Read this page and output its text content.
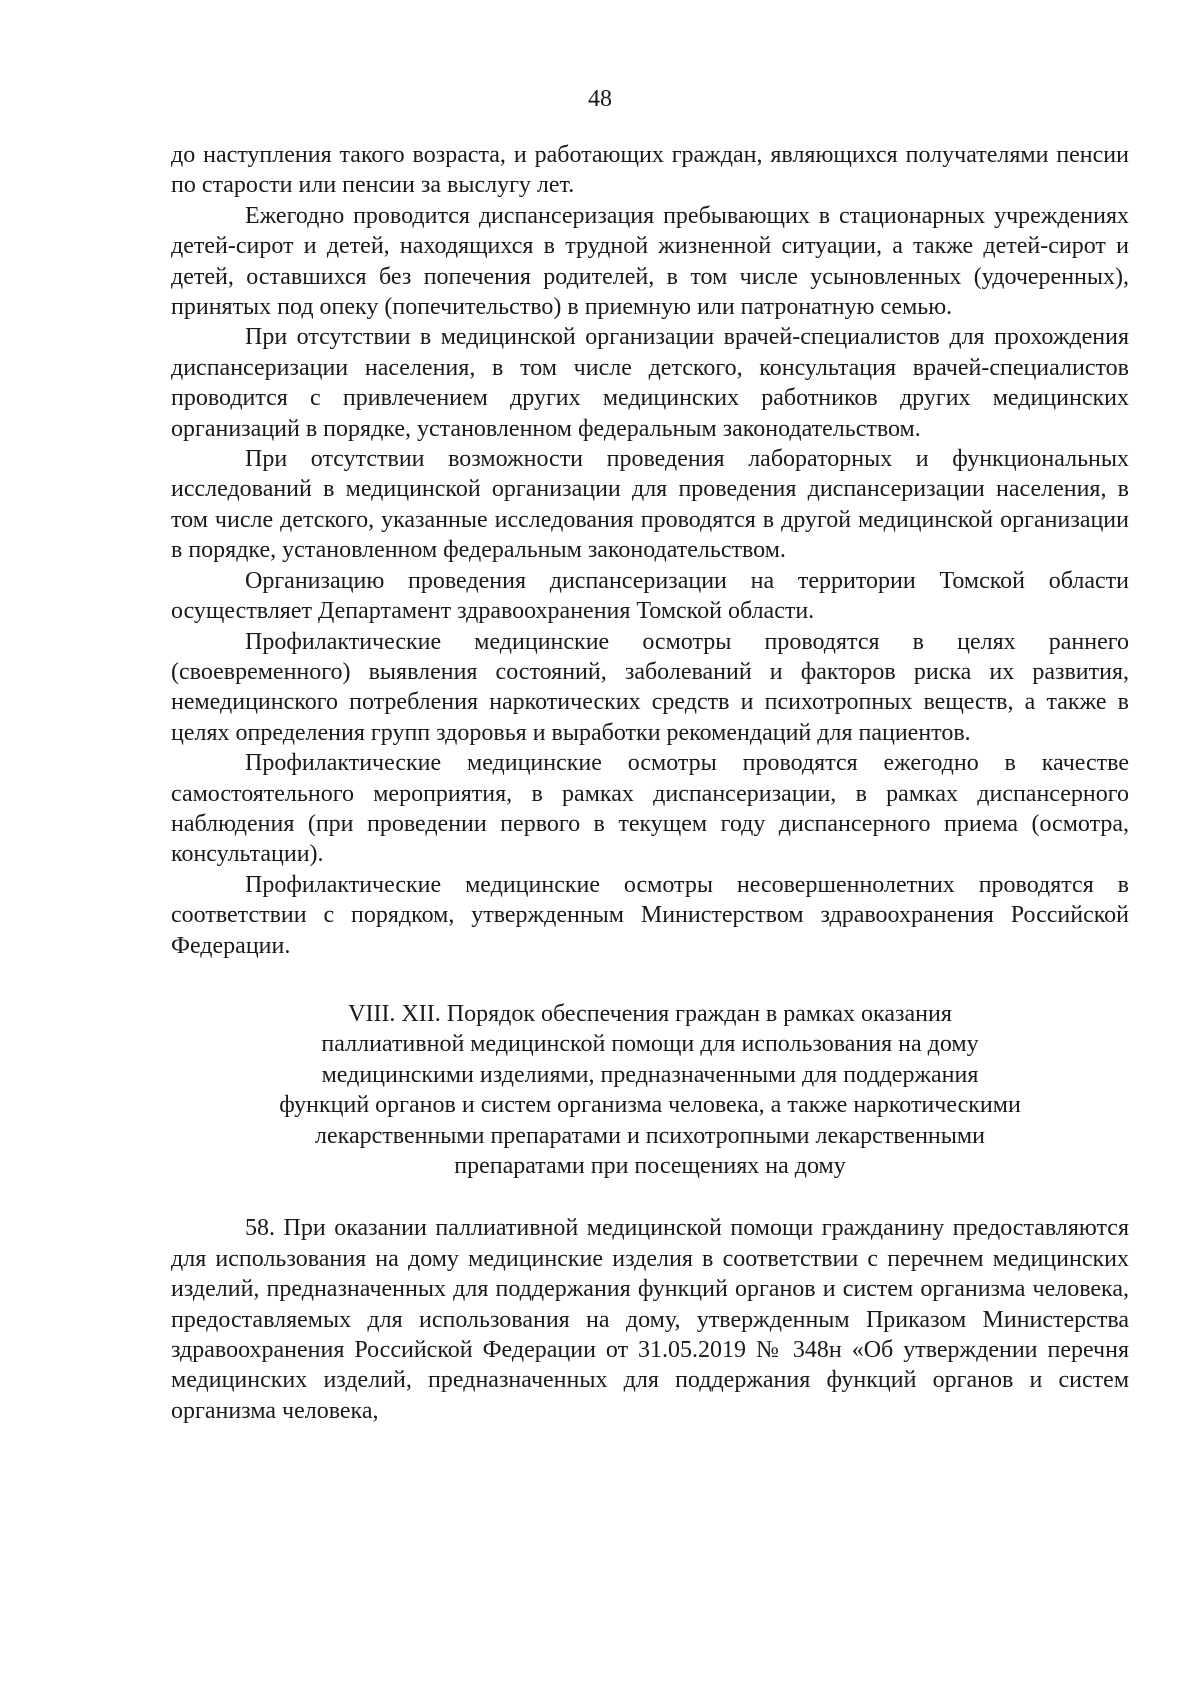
48

до наступления такого возраста, и работающих граждан, являющихся получателями пенсии по старости или пенсии за выслугу лет.

Ежегодно проводится диспансеризация пребывающих в стационарных учреждениях детей-сирот и детей, находящихся в трудной жизненной ситуации, а также детей-сирот и детей, оставшихся без попечения родителей, в том числе усыновленных (удочеренных), принятых под опеку (попечительство) в приемную или патронатную семью.

При отсутствии в медицинской организации врачей-специалистов для прохождения диспансеризации населения, в том числе детского, консультация врачей-специалистов проводится с привлечением других медицинских работников других медицинских организаций в порядке, установленном федеральным законодательством.

При отсутствии возможности проведения лабораторных и функциональных исследований в медицинской организации для проведения диспансеризации населения, в том числе детского, указанные исследования проводятся в другой медицинской организации в порядке, установленном федеральным законодательством.

Организацию проведения диспансеризации на территории Томской области осуществляет Департамент здравоохранения Томской области.

Профилактические медицинские осмотры проводятся в целях раннего (своевременного) выявления состояний, заболеваний и факторов риска их развития, немедицинского потребления наркотических средств и психотропных веществ, а также в целях определения групп здоровья и выработки рекомендаций для пациентов.

Профилактические медицинские осмотры проводятся ежегодно в качестве самостоятельного мероприятия, в рамках диспансеризации, в рамках диспансерного наблюдения (при проведении первого в текущем году диспансерного приема (осмотра, консультации).

Профилактические медицинские осмотры несовершеннолетних проводятся в соответствии с порядком, утвержденным Министерством здравоохранения Российской Федерации.

VIII. XII. Порядок обеспечения граждан в рамках оказания
паллиативной медицинской помощи для использования на дому
медицинскими изделиями, предназначенными для поддержания
функций органов и систем организма человека, а также наркотическими
лекарственными препаратами и психотропными лекарственными
препаратами при посещениях на дому

58. При оказании паллиативной медицинской помощи гражданину предоставляются для использования на дому медицинские изделия в соответствии с перечнем медицинских изделий, предназначенных для поддержания функций органов и систем организма человека, предоставляемых для использования на дому, утвержденным Приказом Министерства здравоохранения Российской Федерации от 31.05.2019 № 348н «Об утверждении перечня медицинских изделий, предназначенных для поддержания функций органов и систем организма человека,
